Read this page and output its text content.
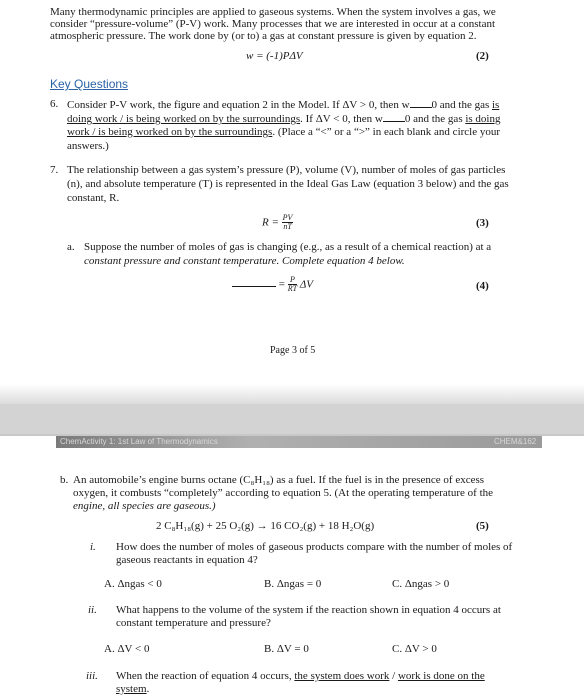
Many thermodynamic principles are applied to gaseous systems. When the system involves a gas, we
consider “pressure-volume” (P-V) work. Many processes that we are interested in occur at a constant
atmospheric pressure. The work done by (or to) a gas at constant pressure is given by equation 2.
w = (-1)PΔV	(2)
Key Questions
6. Consider P-V work, the figure and equation 2 in the Model. If ΔV > 0, then w 0 and the gas is
doing work / is being worked on by the surroundings. If ΔV < 0, then w 0 and the gas is doing
work / is being worked on by the surroundings. (Place a “<” or a “>” in each blank and circle your
answers.)
7. The relationship between a gas system’s pressure (P), volume (V), number of moles of gas particles
(n), and absolute temperature (T) is represented in the Ideal Gas Law (equation 3 below) and the gas
constant, R.
$R = \frac{PV}{nT}$	(3)
a. Suppose the number of moles of gas is changing (e.g., as a result of a chemical reaction) at a
constant pressure and constant temperature. Complete equation 4 below.
= $\frac{P}{RT}$ ΔV	(4)
Page 3 of 5
ChemActivity 1: 1st Law of Thermodynamics	CHEM&162
b. An automobile’s engine burns octane (C₈H₁₈) as a fuel. If the fuel is in the presence of excess
oxygen, it combusts “completely” according to equation 5. (At the operating temperature of the
engine, all species are gaseous.)
2 C₈H₁₈(g) + 25 O₂(g) → 16 CO₂(g) + 18 H₂O(g)	(5)
i. How does the number of moles of gaseous products compare with the number of moles of
gaseous reactants in equation 4?
A. Δngas < 0	B. Δngas = 0	C. Δngas > 0
ii. What happens to the volume of the system if the reaction shown in equation 4 occurs at
constant temperature and pressure?
A. ΔV < 0	B. ΔV = 0	C. ΔV > 0
iii. When the reaction of equation 4 occurs, the system does work / work is done on the
system.
